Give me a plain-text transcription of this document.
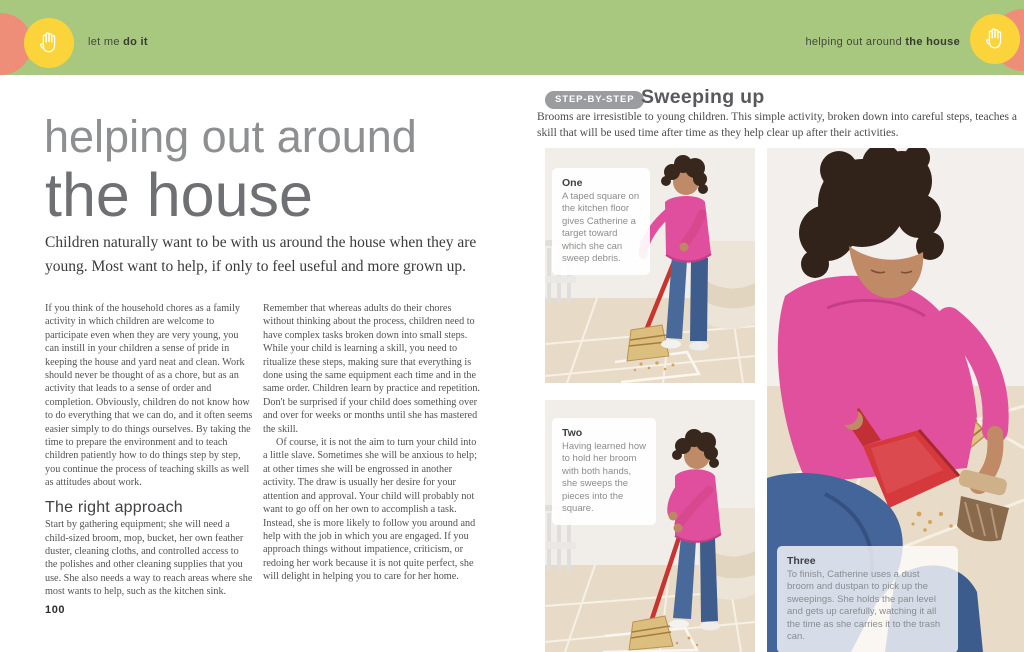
let me do it	helping out around the house
helping out around
the house

Children naturally want to be with us around the house when they are young. Most want to help, if only to feel useful and more grown up.

If you think of the household chores as a family activity in which children are welcome to participate even when they are very young, you can instill in your children a sense of pride in keeping the house and yard neat and clean. Work should never be thought of as a chore, but as an activity that leads to a sense of order and completion. Obviously, children do not know how to do everything that we can do, and it often seems easier simply to do things ourselves. By taking the time to prepare the environment and to teach children patiently how to do things step by step, you continue the process of teaching skills as well as attitudes about work.

The right approach

Start by gathering equipment; she will need a child-sized broom, mop, bucket, her own feather duster, cleaning cloths, and controlled access to the polishes and other cleaning supplies that you use. She also needs a way to reach areas where she most wants to help, such as the kitchen sink.

Remember that whereas adults do their chores without thinking about the process, children need to have complex tasks broken down into small steps. While your child is learning a skill, you need to ritualize these steps, making sure that everything is done using the same equipment each time and in the same order. Children learn by practice and repetition. Don't be surprised if your child does something over and over for weeks or months until she has mastered the skill.

Of course, it is not the aim to turn your child into a little slave. Sometimes she will be anxious to help; at other times she will be engrossed in another activity. The draw is usually her desire for your attention and approval. Your child will probably not want to go off on her own to accomplish a task. Instead, she is more likely to follow you around and help with the job in which you are engaged. If you approach things without impatience, criticism, or redoing her work because it is not quite perfect, she will delight in helping you to care for her home.

100
STEP-BY-STEP Sweeping up

Brooms are irresistible to young children. This simple activity, broken down into careful steps, teaches a skill that will be used time after time as they help clear up after their activities.

One
A taped square on the kitchen floor gives Catherine a target toward which she can sweep debris.
Two
Having learned how to hold her broom with both hands, she sweeps the pieces into the square.
Three
To finish, Catherine uses a dust broom and dustpan to pick up the sweepings. She holds the pan level and gets up carefully, watching it all the time as she carries it to the trash can.
